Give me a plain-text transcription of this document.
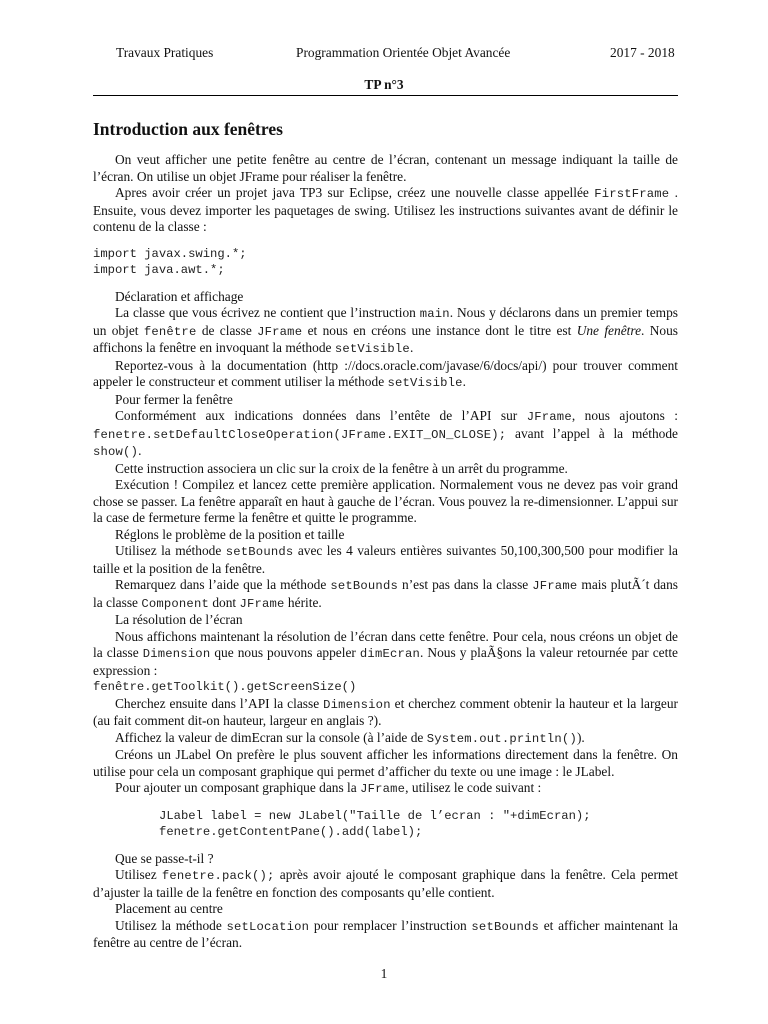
Travaux Pratiques	Programmation Orientée Objet Avancée	2017 - 2018
TP n°3
Introduction aux fenêtres

On veut afficher une petite fenêtre au centre de l’écran, contenant un message indiquant la taille de l’écran. On utilise un objet JFrame pour réaliser la fenêtre.

Apres avoir créer un projet java TP3 sur Eclipse, créez une nouvelle classe appellée FirstFrame . Ensuite, vous devez importer les paquetages de swing. Utilisez les instructions suivantes avant de définir le contenu de la classe :

import javax.swing.*;
import java.awt.*;

Déclaration et affichage

La classe que vous écrivez ne contient que l’instruction main. Nous y déclarons dans un premier temps un objet fenêtre de classe JFrame et nous en créons une instance dont le titre est Une fenêtre. Nous affichons la fenêtre en invoquant la méthode setVisible.

Reportez-vous à la documentation (http ://docs.oracle.com/javase/6/docs/api/) pour trouver comment appeler le constructeur et comment utiliser la méthode setVisible.

Pour fermer la fenêtre

Conformément aux indications données dans l’entête de l’API sur JFrame, nous ajoutons : fenetre.setDefaultCloseOperation(JFrame.EXIT_ON_CLOSE); avant l’appel à la méthode show().

Cette instruction associera un clic sur la croix de la fenêtre à un arrêt du programme.

Exécution ! Compilez et lancez cette première application. Normalement vous ne devez pas voir grand chose se passer. La fenêtre apparaît en haut à gauche de l’écran. Vous pouvez la re-dimensionner. L’appui sur la case de fermeture ferme la fenêtre et quitte le programme.

Réglons le problème de la position et taille

Utilisez la méthode setBounds avec les 4 valeurs entières suivantes 50,100,300,500 pour modifier la taille et la position de la fenêtre.

Remarquez dans l’aide que la méthode setBounds n’est pas dans la classe JFrame mais plutÃ´t dans la classe Component dont JFrame hérite.

La résolution de l’écran

Nous affichons maintenant la résolution de l’écran dans cette fenêtre. Pour cela, nous créons un objet de la classe Dimension que nous pouvons appeler dimEcran. Nous y plaÃ§ons la valeur retournée par cette expression :

fenêtre.getToolkit().getScreenSize()

Cherchez ensuite dans l’API la classe Dimension et cherchez comment obtenir la hauteur et la largeur (au fait comment dit-on hauteur, largeur en anglais ?).

Affichez la valeur de dimEcran sur la console (à l’aide de System.out.println()).

Créons un JLabel On prefère le plus souvent afficher les informations directement dans la fenêtre. On utilise pour cela un composant graphique qui permet d’afficher du texte ou une image : le JLabel.

Pour ajouter un composant graphique dans la JFrame, utilisez le code suivant :

JLabel label = new JLabel("Taille de l’ecran : "+dimEcran);
fenetre.getContentPane().add(label);

Que se passe-t-il ?

Utilisez fenetre.pack(); après avoir ajouté le composant graphique dans la fenêtre. Cela permet d’ajuster la taille de la fenêtre en fonction des composants qu’elle contient.

Placement au centre

Utilisez la méthode setLocation pour remplacer l’instruction setBounds et afficher maintenant la fenêtre au centre de l’écran.

1
